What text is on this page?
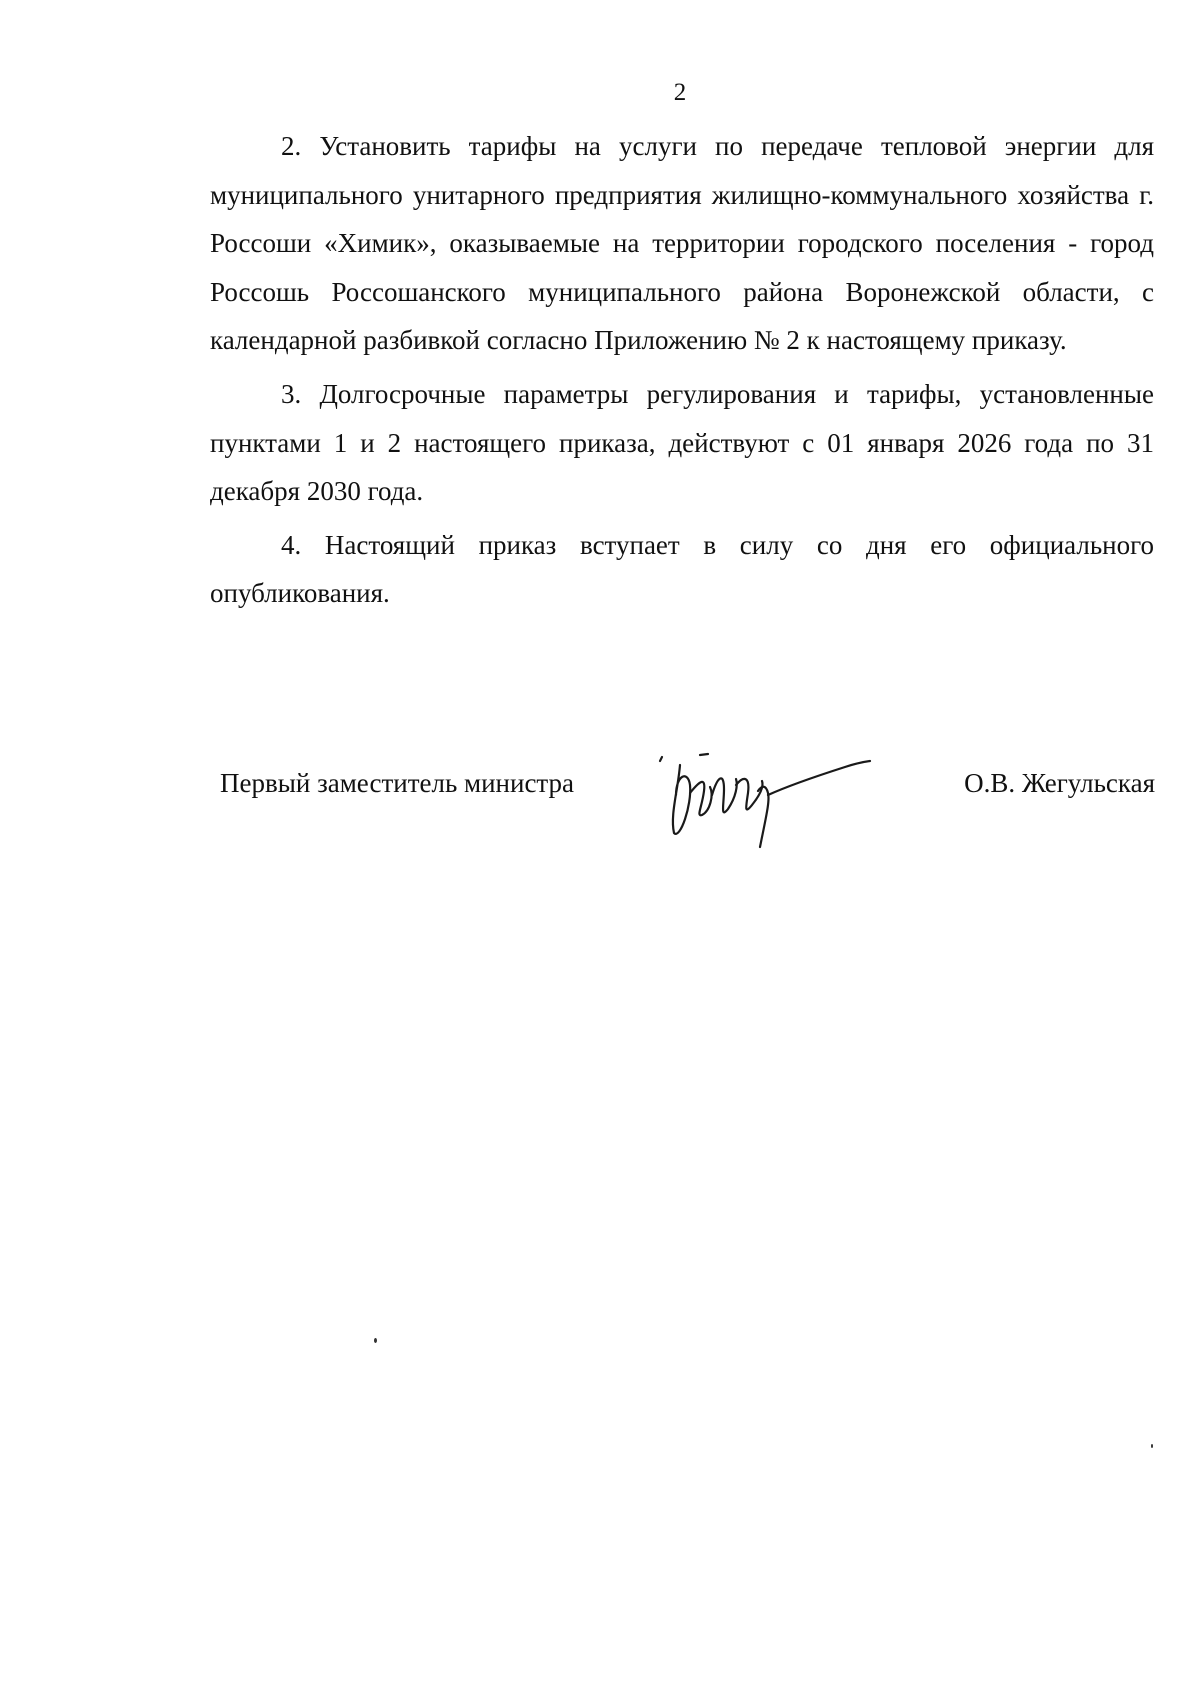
2

2. Установить тарифы на услуги по передаче тепловой энергии для муниципального унитарного предприятия жилищно-коммунального хозяйства г. Россоши «Химик», оказываемые на территории городского поселения - город Россошь Россошанского муниципального района Воронежской области, с календарной разбивкой согласно Приложению № 2 к настоящему приказу.

3. Долгосрочные параметры регулирования и тарифы, установленные пунктами 1 и 2 настоящего приказа, действуют с 01 января 2026 года по 31 декабря 2030 года.

4. Настоящий приказ вступает в силу со дня его официального опубликования.

Первый заместитель министра	О.В. Жегульская
